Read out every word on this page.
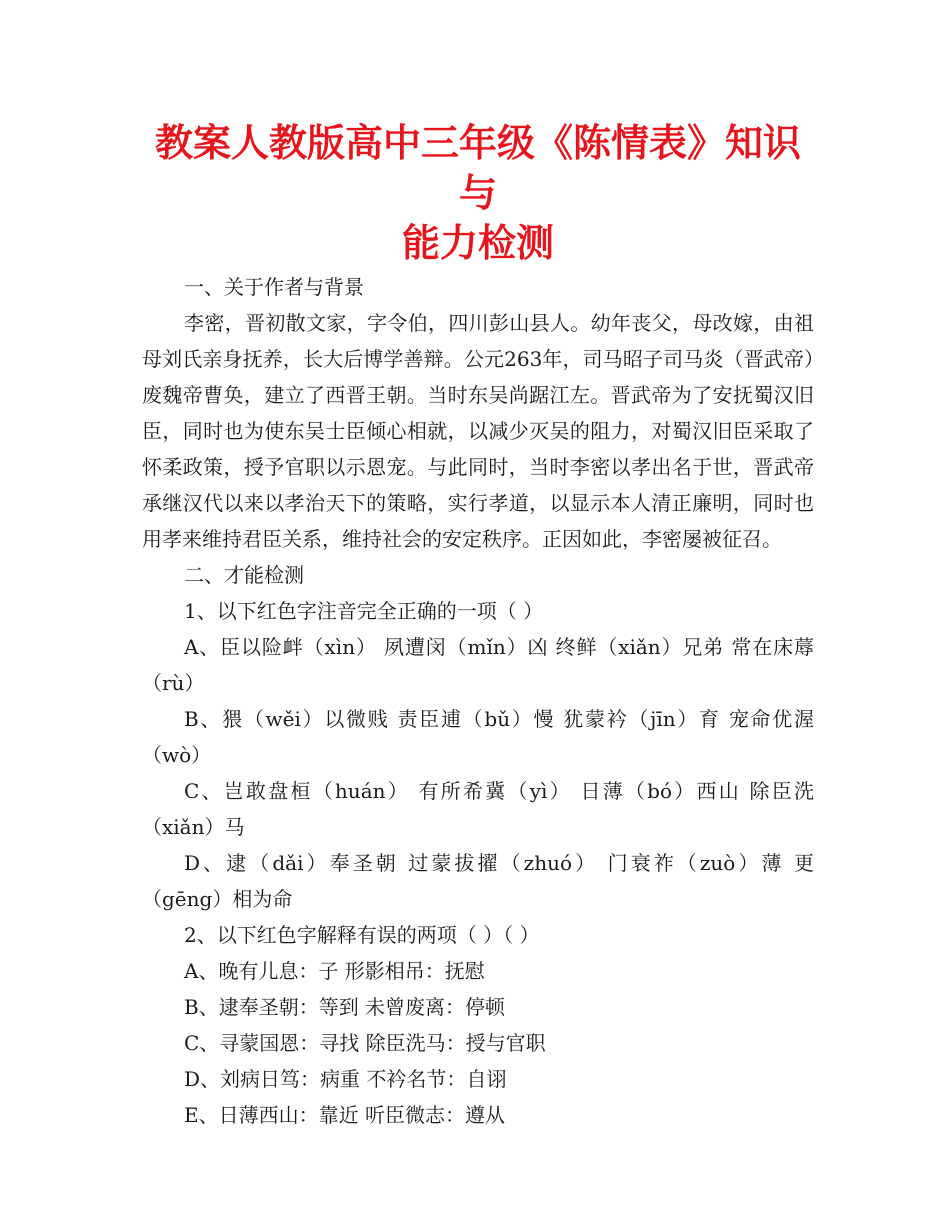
教案人教版高中三年级《陈情表》知识与
能力检测

一、关于作者与背景

李密，晋初散文家，字令伯，四川彭山县人。幼年丧父，母改嫁，由祖母刘氏亲身抚养，长大后博学善辩。公元263年，司马昭子司马炎（晋武帝）废魏帝曹奂，建立了西晋王朝。当时东吴尚踞江左。晋武帝为了安抚蜀汉旧臣，同时也为使东吴士臣倾心相就，以减少灭吴的阻力，对蜀汉旧臣采取了怀柔政策，授予官职以示恩宠。与此同时，当时李密以孝出名于世，晋武帝承继汉代以来以孝治天下的策略，实行孝道，以显示本人清正廉明，同时也用孝来维持君臣关系，维持社会的安定秩序。正因如此，李密屡被征召。

二、才能检测

1、以下红色字注音完全正确的一项（ ）

A、臣以险衅（xìn） 夙遭闵（mǐn）凶 终鲜（xiǎn）兄弟 常在床蓐（rù）

B、猥（wěi）以微贱 责臣逋（bǔ）慢 犹蒙衿（jīn）育 宠命优渥（wò）

C、岂敢盘桓（huán） 有所希冀（yì） 日薄（bó）西山 除臣洗（xiǎn）马

D、逮（dǎi）奉圣朝 过蒙拔擢（zhuó） 门衰祚（zuò）薄 更（gēng）相为命

2、以下红色字解释有误的两项（ ）（ ）

A、晚有儿息：子 形影相吊：抚慰

B、逮奉圣朝：等到 未曾废离：停顿

C、寻蒙国恩：寻找 除臣洗马：授与官职

D、刘病日笃：病重 不衿名节：自诩

E、日薄西山：靠近 听臣微志：遵从
